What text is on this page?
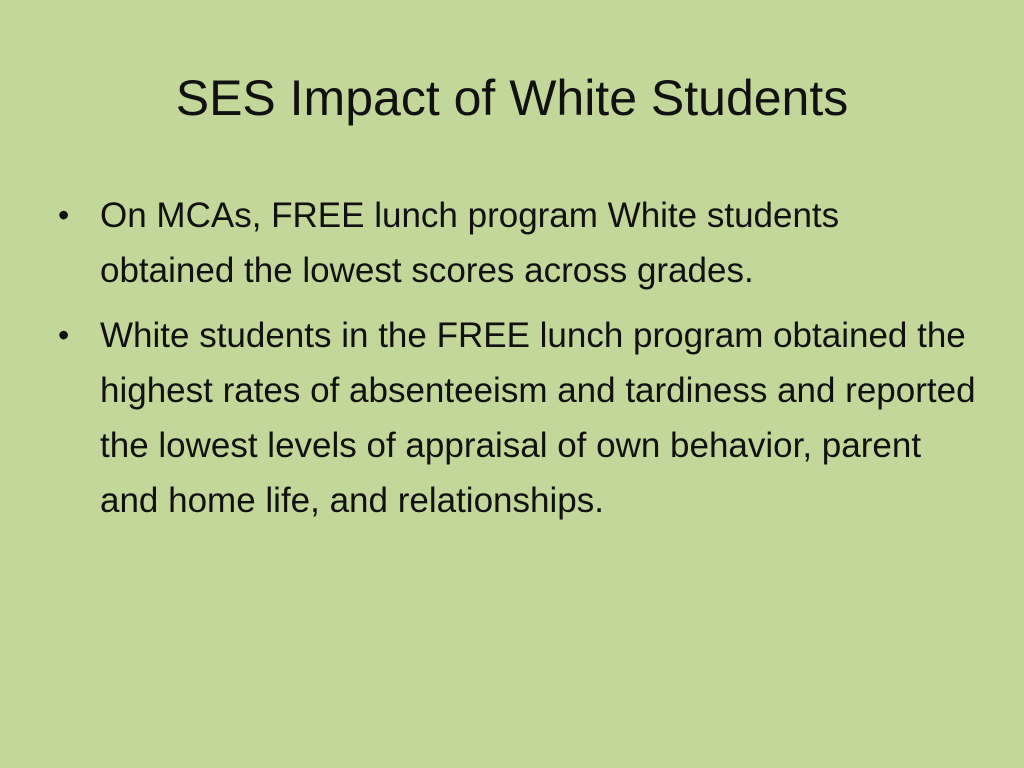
SES Impact of White Students
• On MCAs, FREE lunch program White students obtained the lowest scores across grades.
• White students in the FREE lunch program obtained the highest rates of absenteeism and tardiness and reported the lowest levels of appraisal of own behavior, parent and home life, and relationships.
